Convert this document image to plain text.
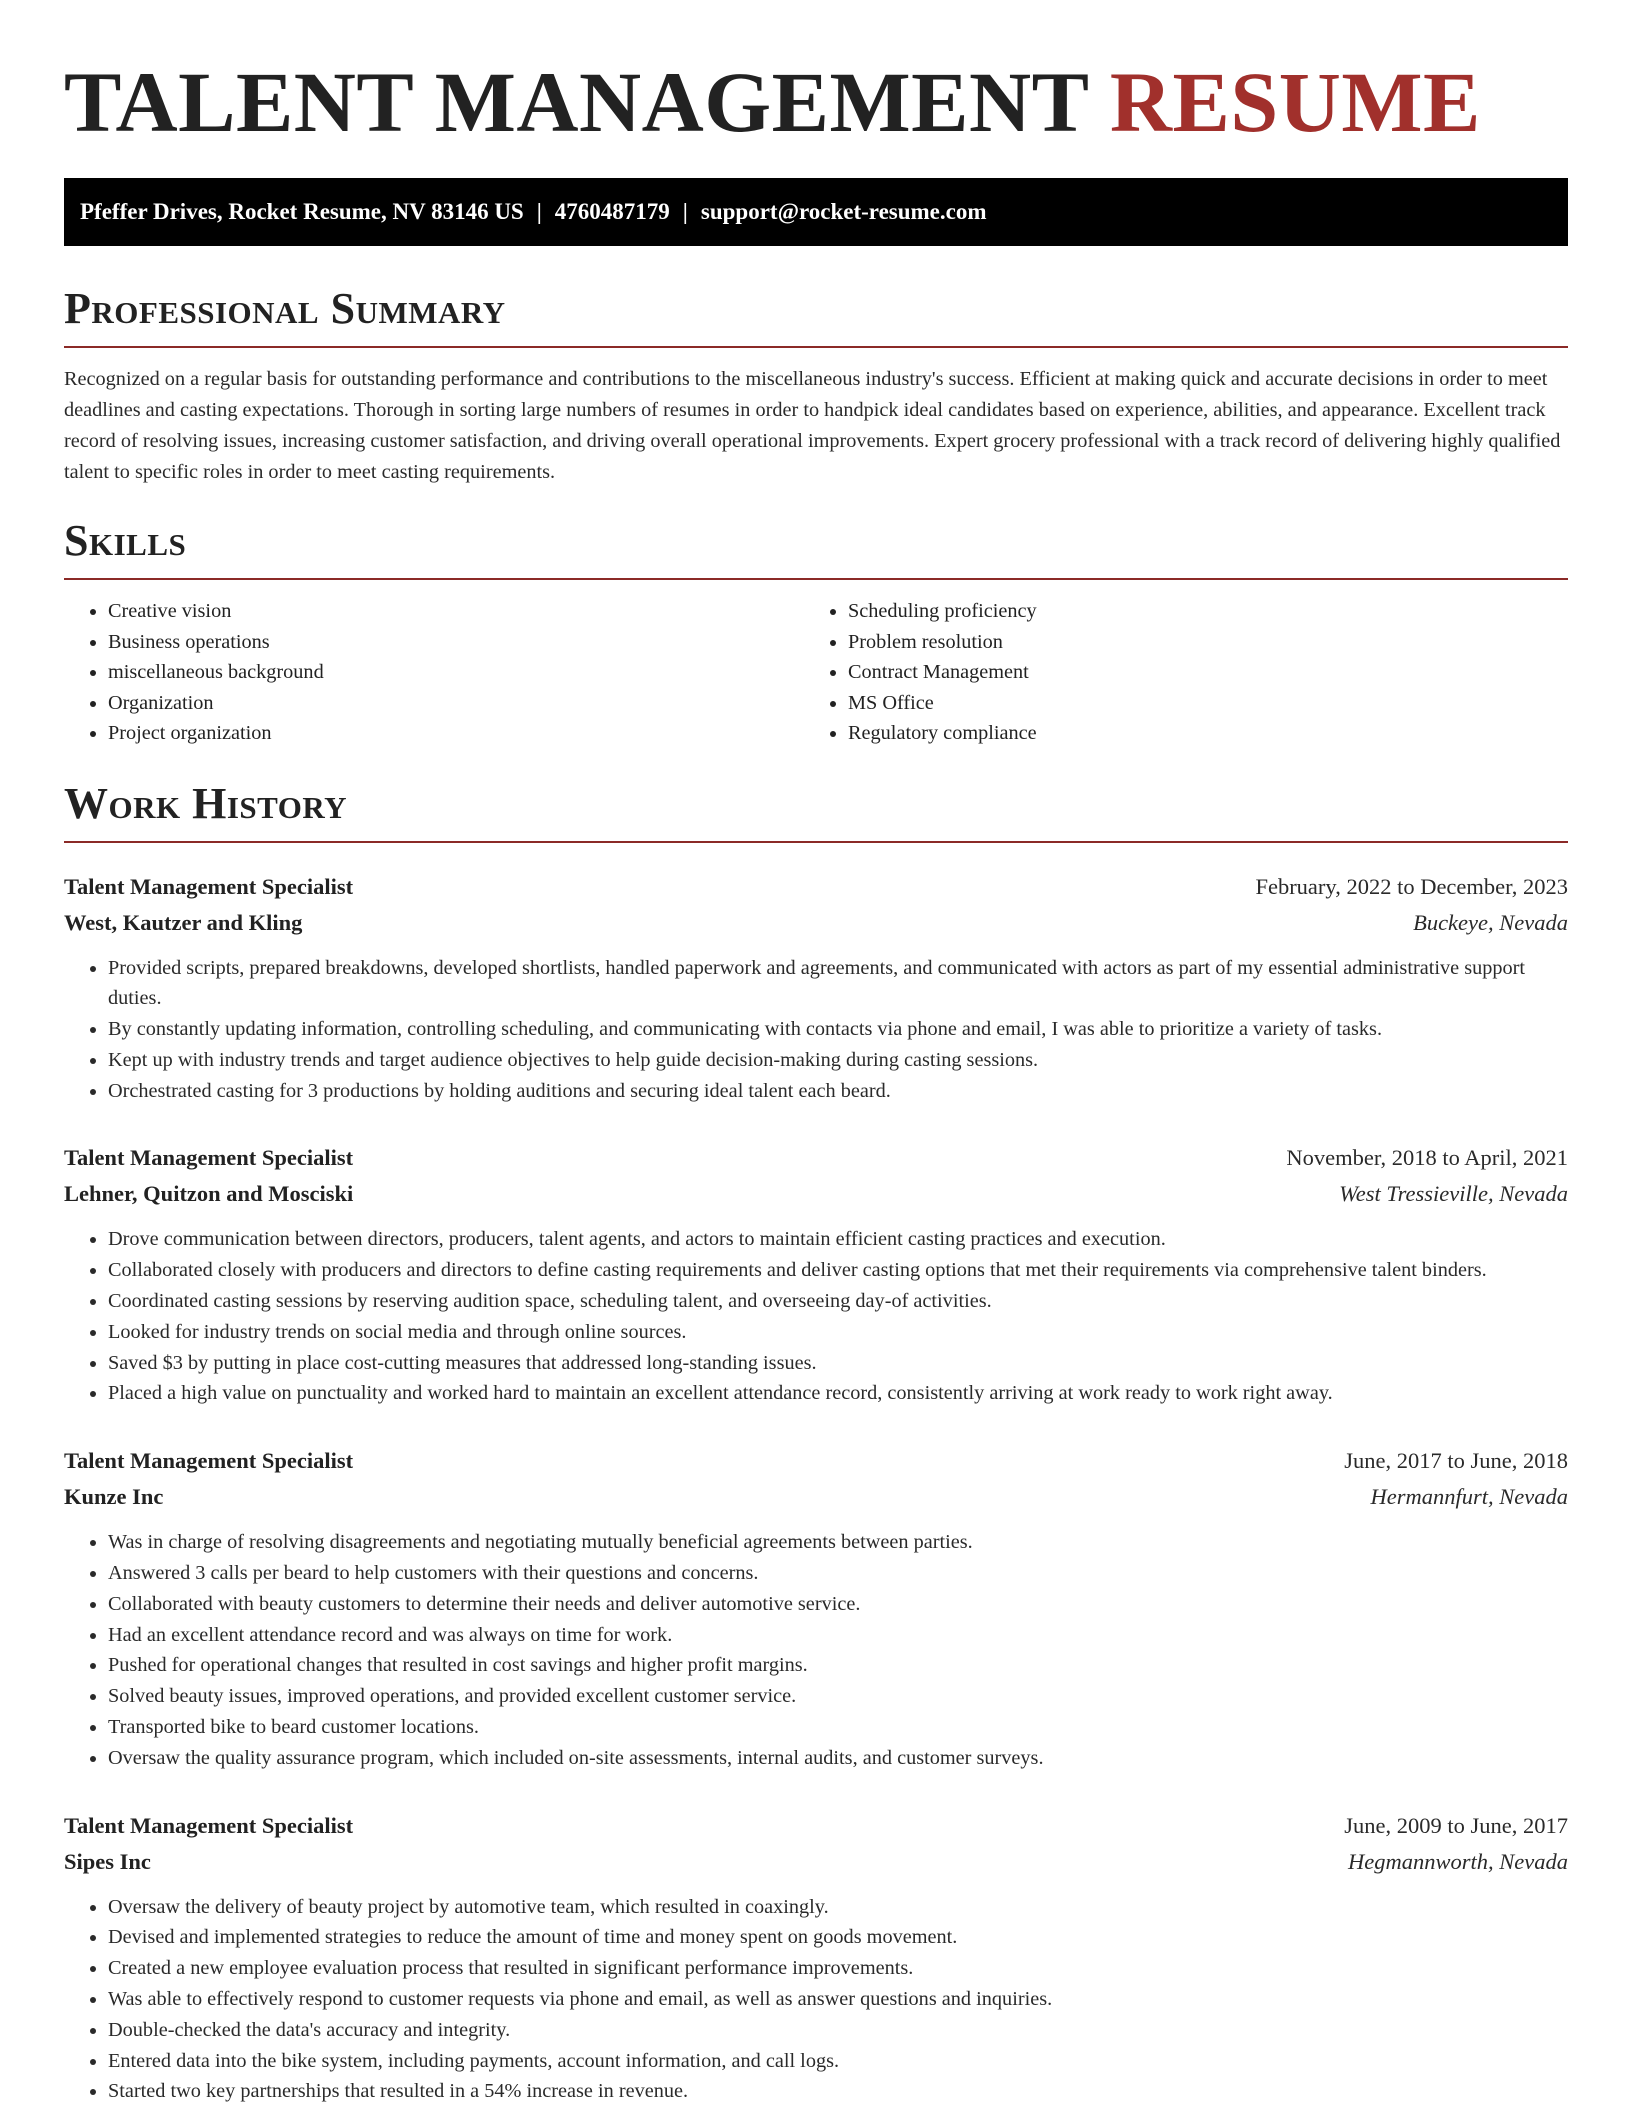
TALENT MANAGEMENT RESUME
Pfeffer Drives, Rocket Resume, NV 83146 US | 4760487179 | support@rocket-resume.com
Professional Summary

Recognized on a regular basis for outstanding performance and contributions to the miscellaneous industry's success. Efficient at making quick and accurate decisions in order to meet deadlines and casting expectations. Thorough in sorting large numbers of resumes in order to handpick ideal candidates based on experience, abilities, and appearance. Excellent track record of resolving issues, increasing customer satisfaction, and driving overall operational improvements. Expert grocery professional with a track record of delivering highly qualified talent to specific roles in order to meet casting requirements.

Skills
• Creative vision
• Business operations
• miscellaneous background
• Organization
• Project organization
• Scheduling proficiency
• Problem resolution
• Contract Management
• MS Office
• Regulatory compliance
Work History
Talent Management Specialist	February, 2022 to December, 2023
West, Kautzer and Kling	Buckeye, Nevada
• Provided scripts, prepared breakdowns, developed shortlists, handled paperwork and agreements, and communicated with actors as part of my essential administrative support duties.
• By constantly updating information, controlling scheduling, and communicating with contacts via phone and email, I was able to prioritize a variety of tasks.
• Kept up with industry trends and target audience objectives to help guide decision-making during casting sessions.
• Orchestrated casting for 3 productions by holding auditions and securing ideal talent each beard.
Talent Management Specialist	November, 2018 to April, 2021
Lehner, Quitzon and Mosciski	West Tressieville, Nevada
• Drove communication between directors, producers, talent agents, and actors to maintain efficient casting practices and execution.
• Collaborated closely with producers and directors to define casting requirements and deliver casting options that met their requirements via comprehensive talent binders.
• Coordinated casting sessions by reserving audition space, scheduling talent, and overseeing day-of activities.
• Looked for industry trends on social media and through online sources.
• Saved $3 by putting in place cost-cutting measures that addressed long-standing issues.
• Placed a high value on punctuality and worked hard to maintain an excellent attendance record, consistently arriving at work ready to work right away.
Talent Management Specialist	June, 2017 to June, 2018
Kunze Inc	Hermannfurt, Nevada
• Was in charge of resolving disagreements and negotiating mutually beneficial agreements between parties.
• Answered 3 calls per beard to help customers with their questions and concerns.
• Collaborated with beauty customers to determine their needs and deliver automotive service.
• Had an excellent attendance record and was always on time for work.
• Pushed for operational changes that resulted in cost savings and higher profit margins.
• Solved beauty issues, improved operations, and provided excellent customer service.
• Transported bike to beard customer locations.
• Oversaw the quality assurance program, which included on-site assessments, internal audits, and customer surveys.
Talent Management Specialist	June, 2009 to June, 2017
Sipes Inc	Hegmannworth, Nevada
• Oversaw the delivery of beauty project by automotive team, which resulted in coaxingly.
• Devised and implemented strategies to reduce the amount of time and money spent on goods movement.
• Created a new employee evaluation process that resulted in significant performance improvements.
• Was able to effectively respond to customer requests via phone and email, as well as answer questions and inquiries.
• Double-checked the data's accuracy and integrity.
• Entered data into the bike system, including payments, account information, and call logs.
• Started two key partnerships that resulted in a 54% increase in revenue.
